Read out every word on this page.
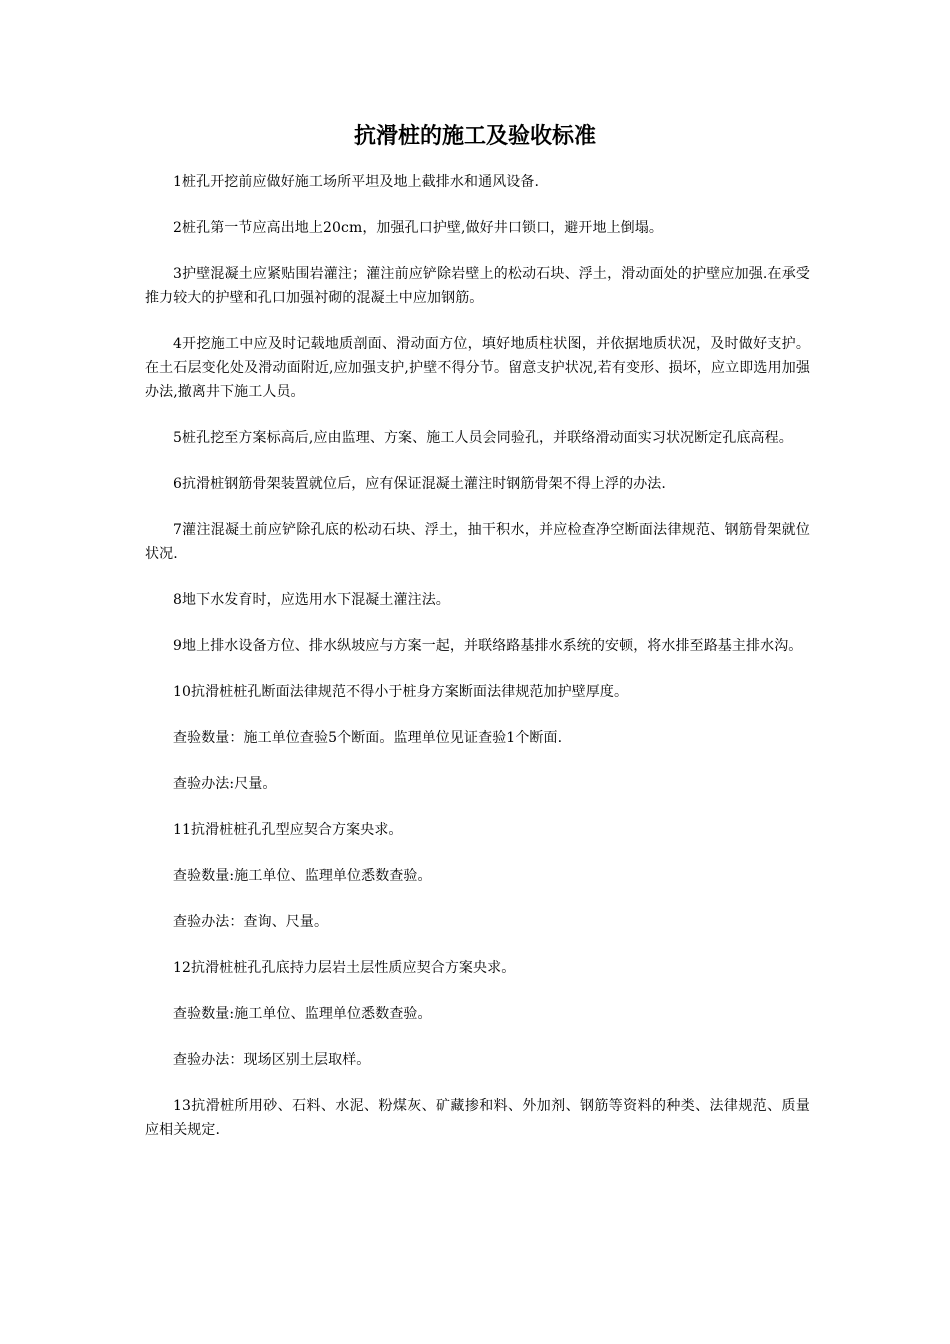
抗滑桩的施工及验收标准

1桩孔开挖前应做好施工场所平坦及地上截排水和通风设备.

2桩孔第一节应高出地上20cm，加强孔口护壁,做好井口锁口，避开地上倒塌。

3护壁混凝土应紧贴围岩灌注；灌注前应铲除岩壁上的松动石块、浮土，滑动面处的护壁应加强.在承受推力较大的护壁和孔口加强衬砌的混凝土中应加钢筋。

4开挖施工中应及时记载地质剖面、滑动面方位，填好地质柱状图，并依据地质状况，及时做好支护。在土石层变化处及滑动面附近,应加强支护,护壁不得分节。留意支护状况,若有变形、损坏，应立即选用加强办法,撤离井下施工人员。

5桩孔挖至方案标高后,应由监理、方案、施工人员会同验孔，并联络滑动面实习状况断定孔底高程。

6抗滑桩钢筋骨架装置就位后，应有保证混凝土灌注时钢筋骨架不得上浮的办法.

7灌注混凝土前应铲除孔底的松动石块、浮土，抽干积水，并应检查净空断面法律规范、钢筋骨架就位状况.

8地下水发育时，应选用水下混凝土灌注法。

9地上排水设备方位、排水纵坡应与方案一起，并联络路基排水系统的安顿，将水排至路基主排水沟。

10抗滑桩桩孔断面法律规范不得小于桩身方案断面法律规范加护壁厚度。

查验数量：施工单位查验5个断面。监理单位见证查验1个断面.

查验办法:尺量。

11抗滑桩桩孔孔型应契合方案央求。

查验数量:施工单位、监理单位悉数查验。

查验办法：查询、尺量。

12抗滑桩桩孔孔底持力层岩土层性质应契合方案央求。

查验数量:施工单位、监理单位悉数查验。

查验办法：现场区别土层取样。

13抗滑桩所用砂、石料、水泥、粉煤灰、矿藏掺和料、外加剂、钢筋等资料的种类、法律规范、质量应相关规定.
